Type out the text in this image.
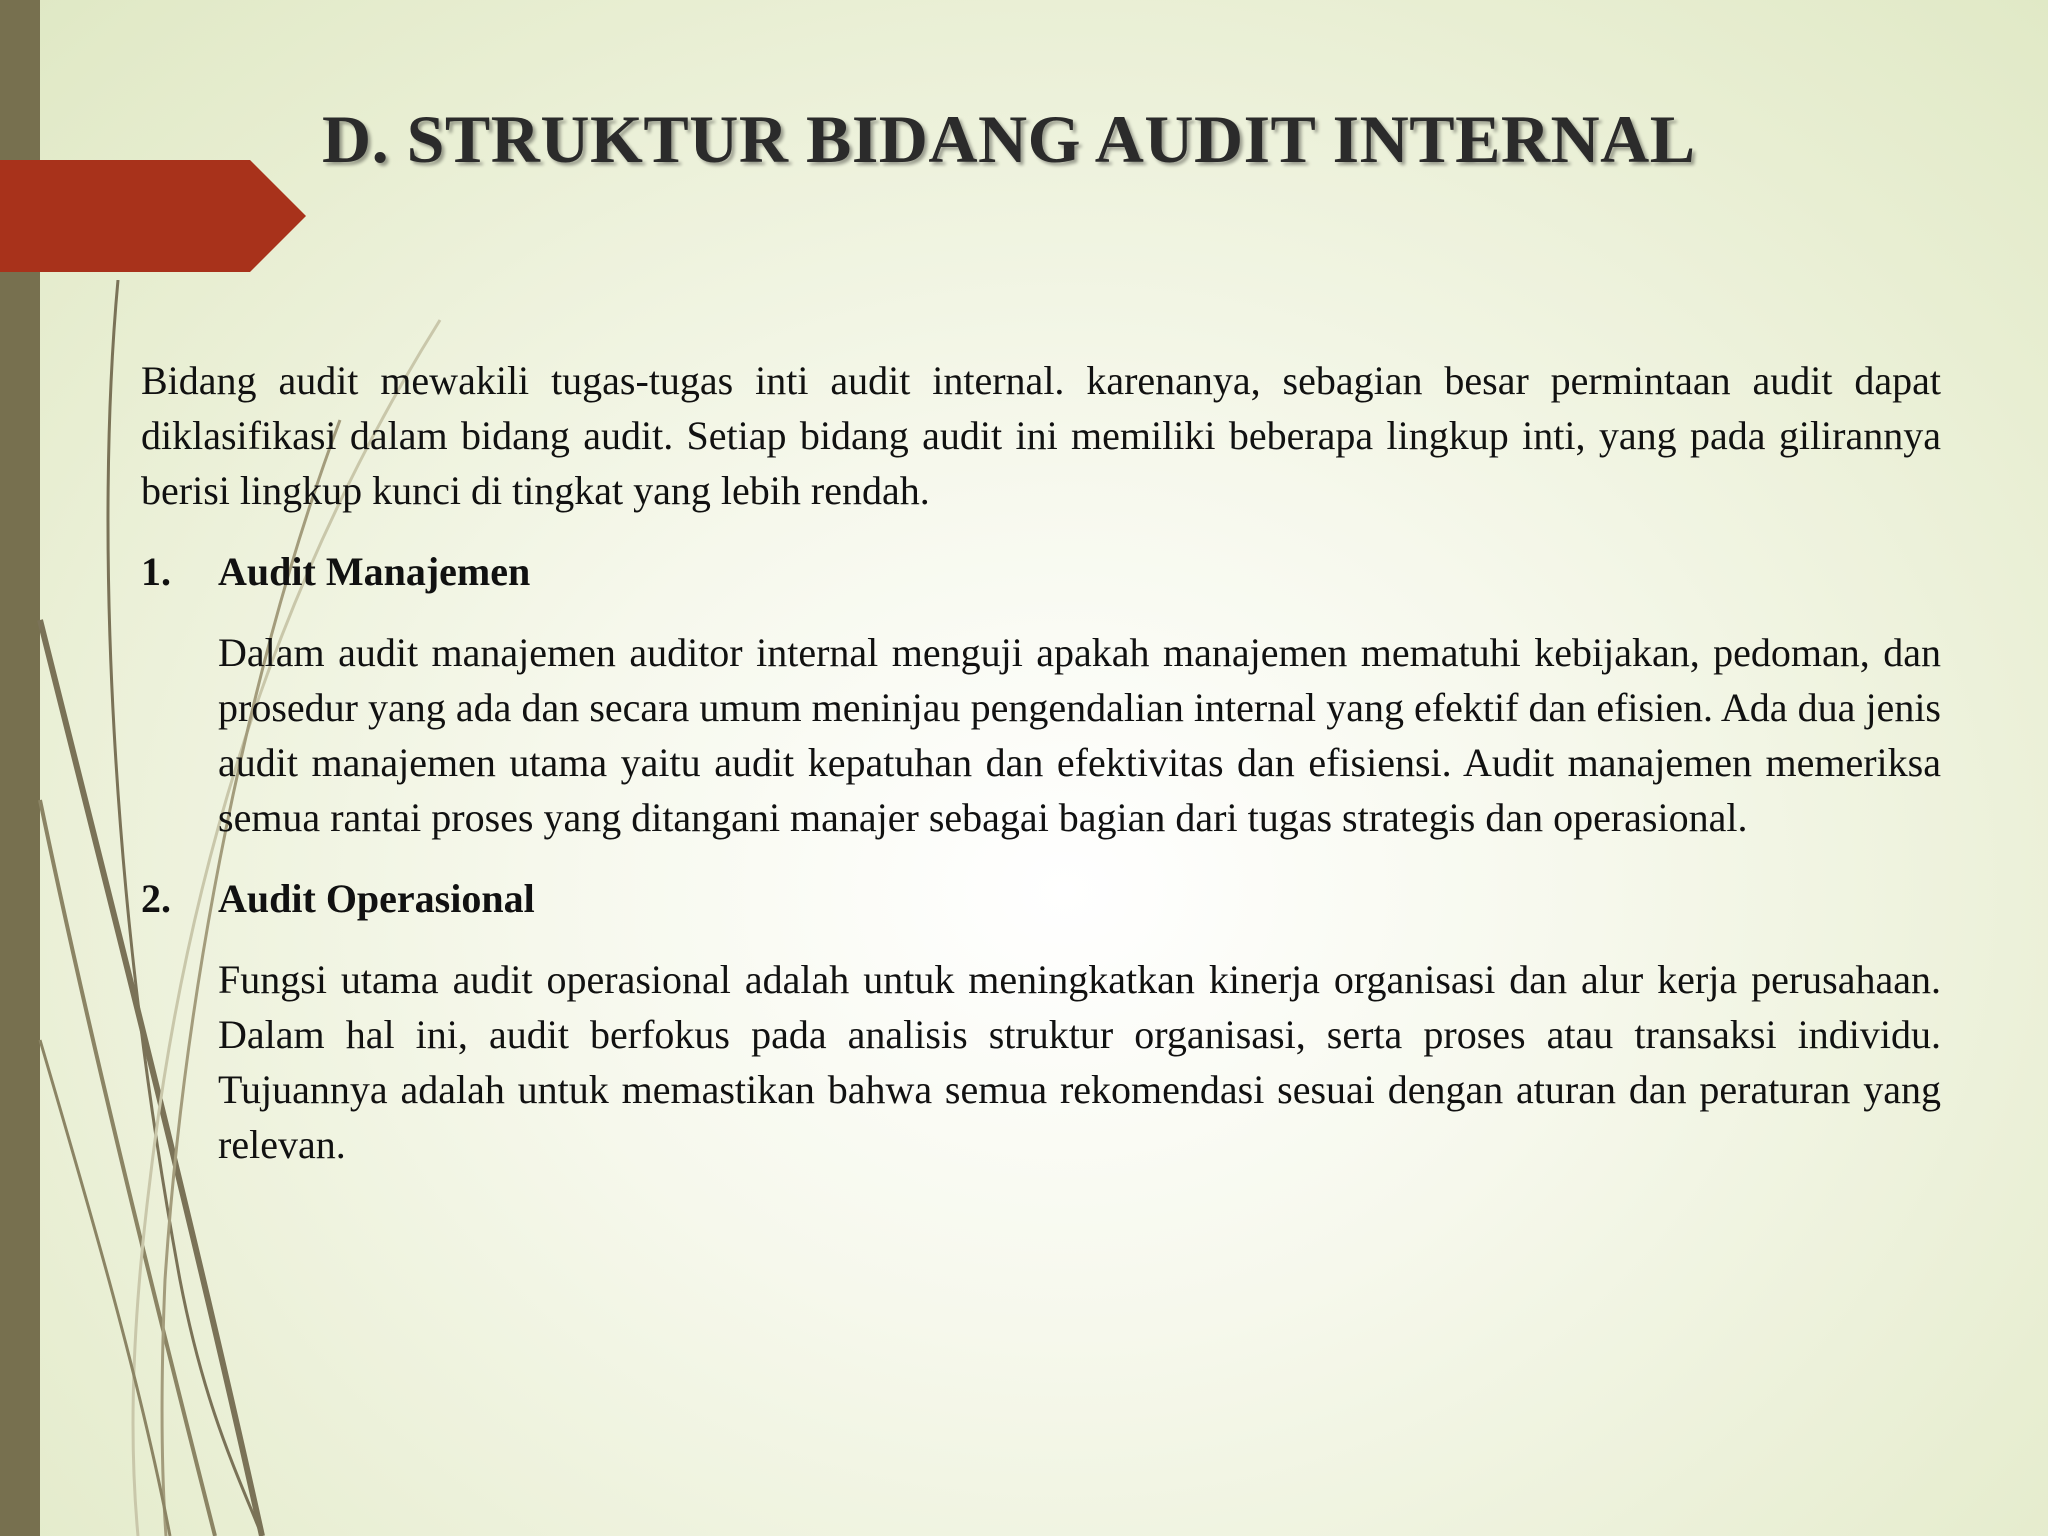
D. STRUKTUR BIDANG AUDIT INTERNAL

Bidang audit mewakili tugas-tugas inti audit internal. karenanya, sebagian besar permintaan audit dapat diklasifikasi dalam bidang audit. Setiap bidang audit ini memiliki beberapa lingkup inti, yang pada gilirannya berisi lingkup kunci di tingkat yang lebih rendah.

1.	Audit Manajemen

Dalam audit manajemen auditor internal menguji apakah manajemen mematuhi kebijakan, pedoman, dan prosedur yang ada dan secara umum meninjau pengendalian internal yang efektif dan efisien. Ada dua jenis audit manajemen utama yaitu audit kepatuhan dan efektivitas dan efisiensi. Audit manajemen memeriksa semua rantai proses yang ditangani manajer sebagai bagian dari tugas strategis dan operasional.

2.	Audit Operasional

Fungsi utama audit operasional adalah untuk meningkatkan kinerja organisasi dan alur kerja perusahaan. Dalam hal ini, audit berfokus pada analisis struktur organisasi, serta proses atau transaksi individu. Tujuannya adalah untuk memastikan bahwa semua rekomendasi sesuai dengan aturan dan peraturan yang relevan.
